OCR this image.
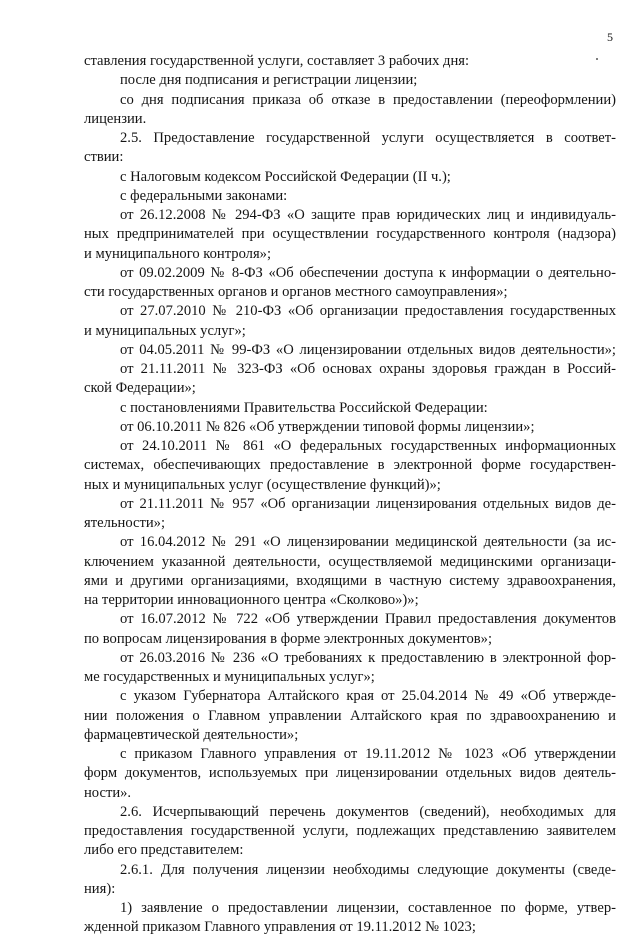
5
ставления государственной услуги, составляет 3 рабочих дня:
после дня подписания и регистрации лицензии;
со дня подписания приказа об отказе в предоставлении (переоформлении)
лицензии.
2.5. Предоставление государственной услуги осуществляется в соответ-
ствии:
с Налоговым кодексом Российской Федерации (II ч.);
с федеральными законами:
от 26.12.2008 № 294-ФЗ «О защите прав юридических лиц и индивидуаль-
ных предпринимателей при осуществлении государственного контроля (надзора)
и муниципального контроля»;
от 09.02.2009 № 8-ФЗ «Об обеспечении доступа к информации о деятельно-
сти государственных органов и органов местного самоуправления»;
от 27.07.2010 № 210-ФЗ «Об организации предоставления государственных
и муниципальных услуг»;
от 04.05.2011 № 99-ФЗ «О лицензировании отдельных видов деятельности»;
от 21.11.2011 № 323-ФЗ «Об основах охраны здоровья граждан в Россий-
ской Федерации»;
с постановлениями Правительства Российской Федерации:
от 06.10.2011 № 826 «Об утверждении типовой формы лицензии»;
от 24.10.2011 № 861 «О федеральных государственных информационных
системах, обеспечивающих предоставление в электронной форме государствен-
ных и муниципальных услуг (осуществление функций)»;
от 21.11.2011 № 957 «Об организации лицензирования отдельных видов де-
ятельности»;
от 16.04.2012 № 291 «О лицензировании медицинской деятельности (за ис-
ключением указанной деятельности, осуществляемой медицинскими организаци-
ями и другими организациями, входящими в частную систему здравоохранения,
на территории инновационного центра «Сколково»)»;
от 16.07.2012 № 722 «Об утверждении Правил предоставления документов
по вопросам лицензирования в форме электронных документов»;
от 26.03.2016 № 236 «О требованиях к предоставлению в электронной фор-
ме государственных и муниципальных услуг»;
с указом Губернатора Алтайского края от 25.04.2014 № 49 «Об утвержде-
нии положения о Главном управлении Алтайского края по здравоохранению и
фармацевтической деятельности»;
с приказом Главного управления от 19.11.2012 № 1023 «Об утверждении
форм документов, используемых при лицензировании отдельных видов деятель-
ности».
2.6. Исчерпывающий перечень документов (сведений), необходимых для
предоставления государственной услуги, подлежащих представлению заявителем
либо его представителем:
2.6.1. Для получения лицензии необходимы следующие документы (сведе-
ния):
1) заявление о предоставлении лицензии, составленное по форме, утвер-
жденной приказом Главного управления от 19.11.2012 № 1023;
